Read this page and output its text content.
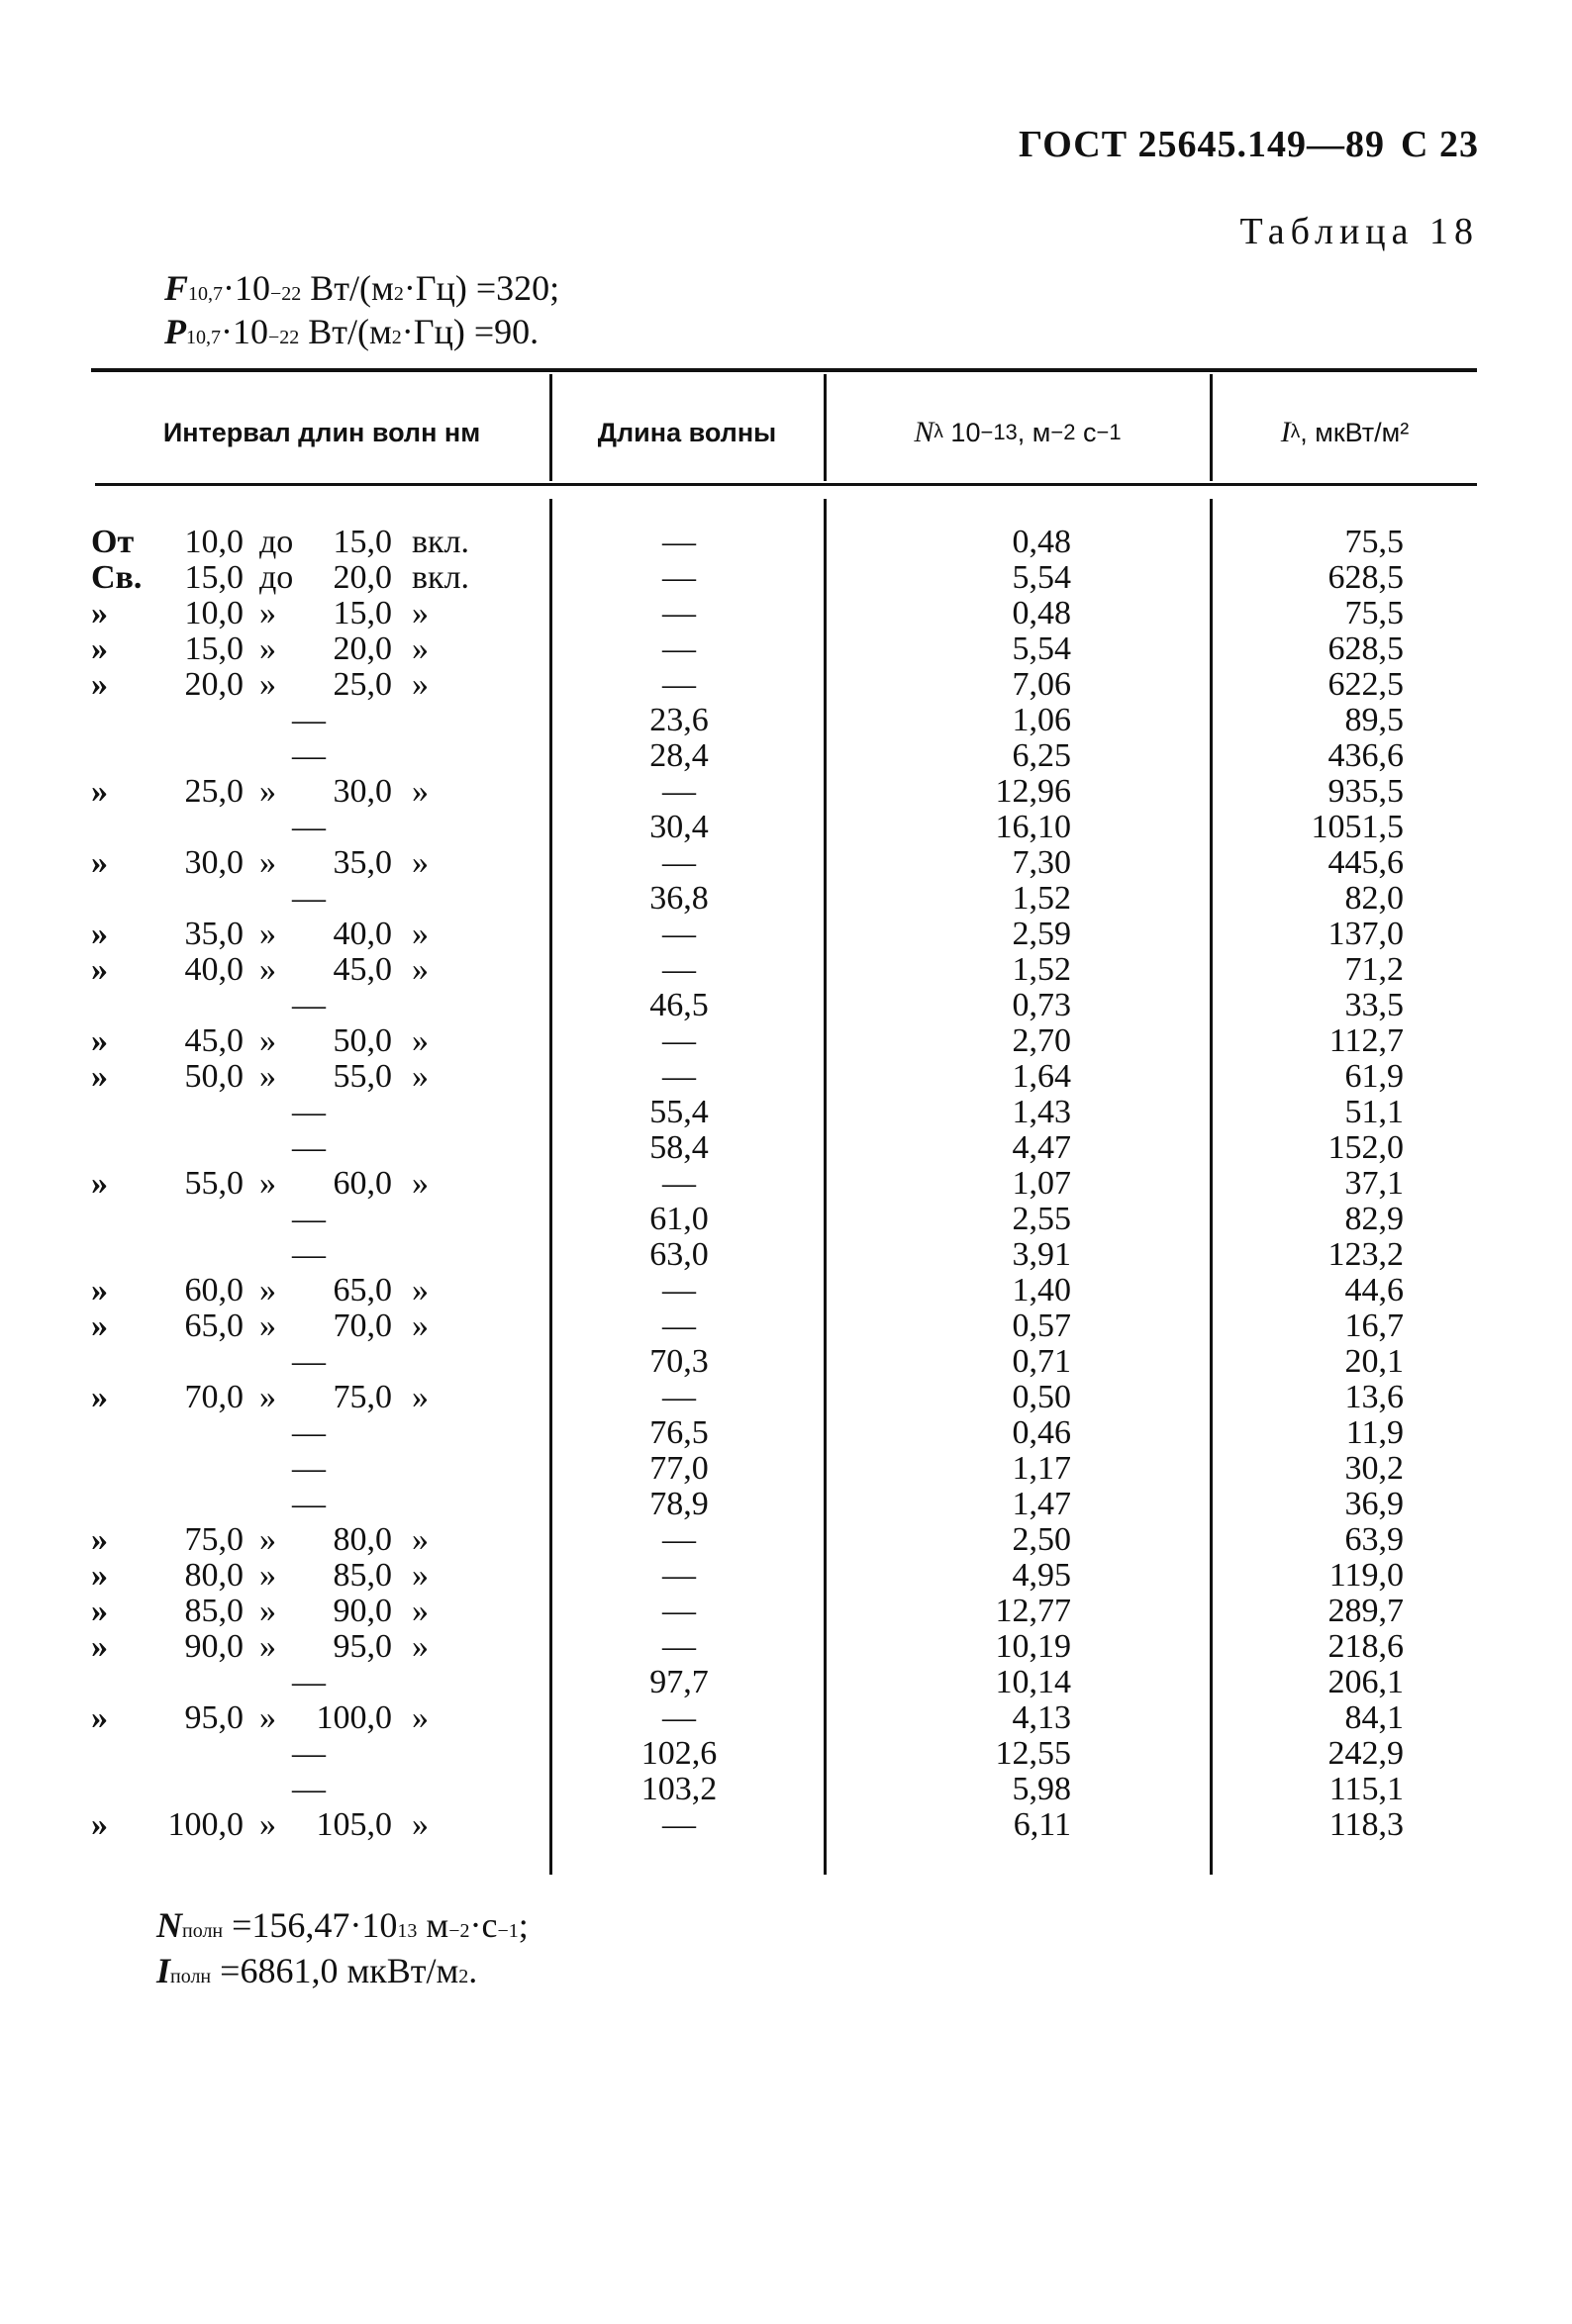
ГОСТ 25645.149—89 С 23
Таблица 18
F 10,7 ·10 −22 Вт/(м 2 ·Гц) =320;
P 10,7 ·10 −22 Вт/(м 2 ·Гц) =90.
Интервал длин волн нм	Длина волны	N λ 10 −13 , м −2 с −1	I λ , мкВт/м²
От	10,0 до	15,0 вкл.	—	0,48	75,5
Св.	15,0 до	20,0 вкл.	—	5,54	628,5
»	10,0 »	15,0 »	—	0,48	75,5
»	15,0 »	20,0 »	—	5,54	628,5
»	20,0 »	25,0 »	—	7,06	622,5
—	23,6	1,06	89,5
—	28,4	6,25	436,6
»	25,0 »	30,0 »	—	12,96	935,5
—	30,4	16,10	1051,5
»	30,0 »	35,0 »	—	7,30	445,6
—	36,8	1,52	82,0
»	35,0 »	40,0 »	—	2,59	137,0
»	40,0 »	45,0 »	—	1,52	71,2
—	46,5	0,73	33,5
»	45,0 »	50,0 »	—	2,70	112,7
»	50,0 »	55,0 »	—	1,64	61,9
—	55,4	1,43	51,1
—	58,4	4,47	152,0
»	55,0 »	60,0 »	—	1,07	37,1
—	61,0	2,55	82,9
—	63,0	3,91	123,2
»	60,0 »	65,0 »	—	1,40	44,6
»	65,0 »	70,0 »	—	0,57	16,7
—	70,3	0,71	20,1
»	70,0 »	75,0 »	—	0,50	13,6
—	76,5	0,46	11,9
—	77,0	1,17	30,2
—	78,9	1,47	36,9
»	75,0 »	80,0 »	—	2,50	63,9
»	80,0 »	85,0 »	—	4,95	119,0
»	85,0 »	90,0 »	—	12,77	289,7
»	90,0 »	95,0 »	—	10,19	218,6
—	97,7	10,14	206,1
»	95,0 »	100,0 »	—	4,13	84,1
—	102,6	12,55	242,9
—	103,2	5,98	115,1
»	100,0 »	105,0 »	—	6,11	118,3
N полн =156,47·10 13 м −2 ·с −1 ;
I полн =6861,0 мкВт/м 2 .
